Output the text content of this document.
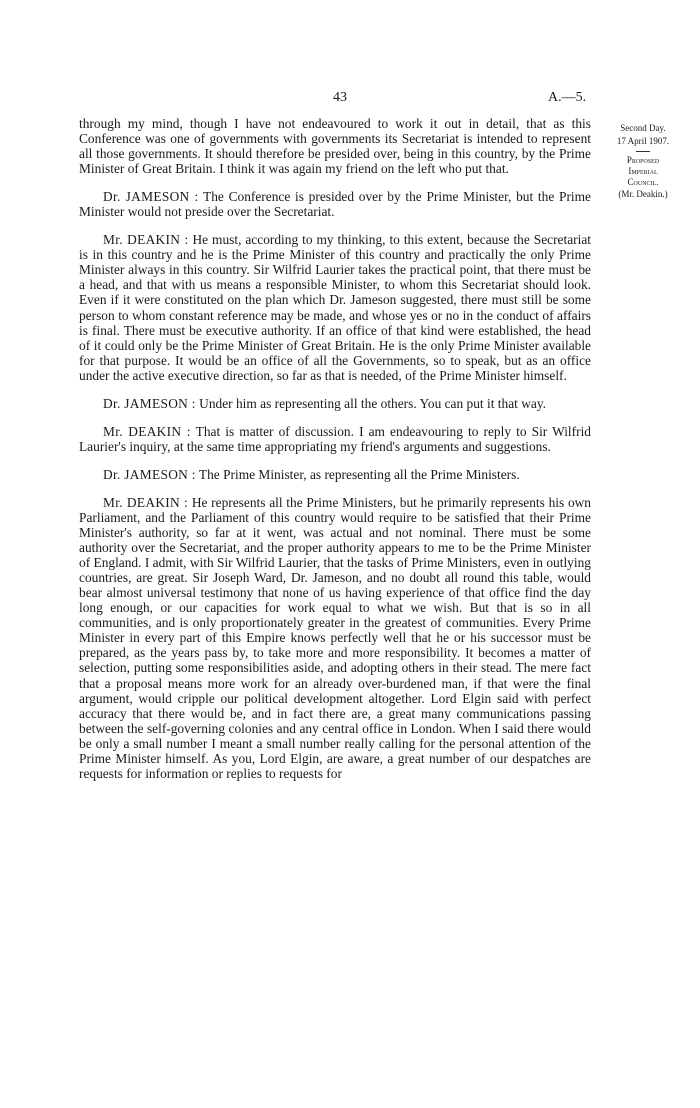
43	A.—5.
Second Day.
17 April 1907.
Proposed
Imperial
Council.
(Mr. Deakin.)

through my mind, though I have not endeavoured to work it out in detail, that as this Conference was one of governments with governments its Secretariat is intended to represent all those governments. It should therefore be presided over, being in this country, by the Prime Minister of Great Britain. I think it was again my friend on the left who put that.

Dr. JAMESON : The Conference is presided over by the Prime Minister, but the Prime Minister would not preside over the Secretariat.

Mr. DEAKIN : He must, according to my thinking, to this extent, because the Secretariat is in this country and he is the Prime Minister of this country and practically the only Prime Minister always in this country. Sir Wilfrid Laurier takes the practical point, that there must be a head, and that with us means a responsible Minister, to whom this Secretariat should look. Even if it were constituted on the plan which Dr. Jameson suggested, there must still be some person to whom constant reference may be made, and whose yes or no in the conduct of affairs is final. There must be executive authority. If an office of that kind were established, the head of it could only be the Prime Minister of Great Britain. He is the only Prime Minister available for that purpose. It would be an office of all the Governments, so to speak, but as an office under the active executive direction, so far as that is needed, of the Prime Minister himself.

Dr. JAMESON : Under him as representing all the others. You can put it that way.

Mr. DEAKIN : That is matter of discussion. I am endeavouring to reply to Sir Wilfrid Laurier's inquiry, at the same time appropriating my friend's arguments and suggestions.

Dr. JAMESON : The Prime Minister, as representing all the Prime Ministers.

Mr. DEAKIN : He represents all the Prime Ministers, but he primarily represents his own Parliament, and the Parliament of this country would require to be satisfied that their Prime Minister's authority, so far at it went, was actual and not nominal. There must be some authority over the Secretariat, and the proper authority appears to me to be the Prime Minister of England. I admit, with Sir Wilfrid Laurier, that the tasks of Prime Ministers, even in outlying countries, are great. Sir Joseph Ward, Dr. Jameson, and no doubt all round this table, would bear almost universal testimony that none of us having experience of that office find the day long enough, or our capacities for work equal to what we wish. But that is so in all communities, and is only proportionately greater in the greatest of communities. Every Prime Minister in every part of this Empire knows perfectly well that he or his successor must be prepared, as the years pass by, to take more and more responsibility. It becomes a matter of selection, putting some responsibilities aside, and adopting others in their stead. The mere fact that a proposal means more work for an already over-burdened man, if that were the final argument, would cripple our political development altogether. Lord Elgin said with perfect accuracy that there would be, and in fact there are, a great many communications passing between the self-governing colonies and any central office in London. When I said there would be only a small number I meant a small number really calling for the personal attention of the Prime Minister himself. As you, Lord Elgin, are aware, a great number of our despatches are requests for information or replies to requests for
